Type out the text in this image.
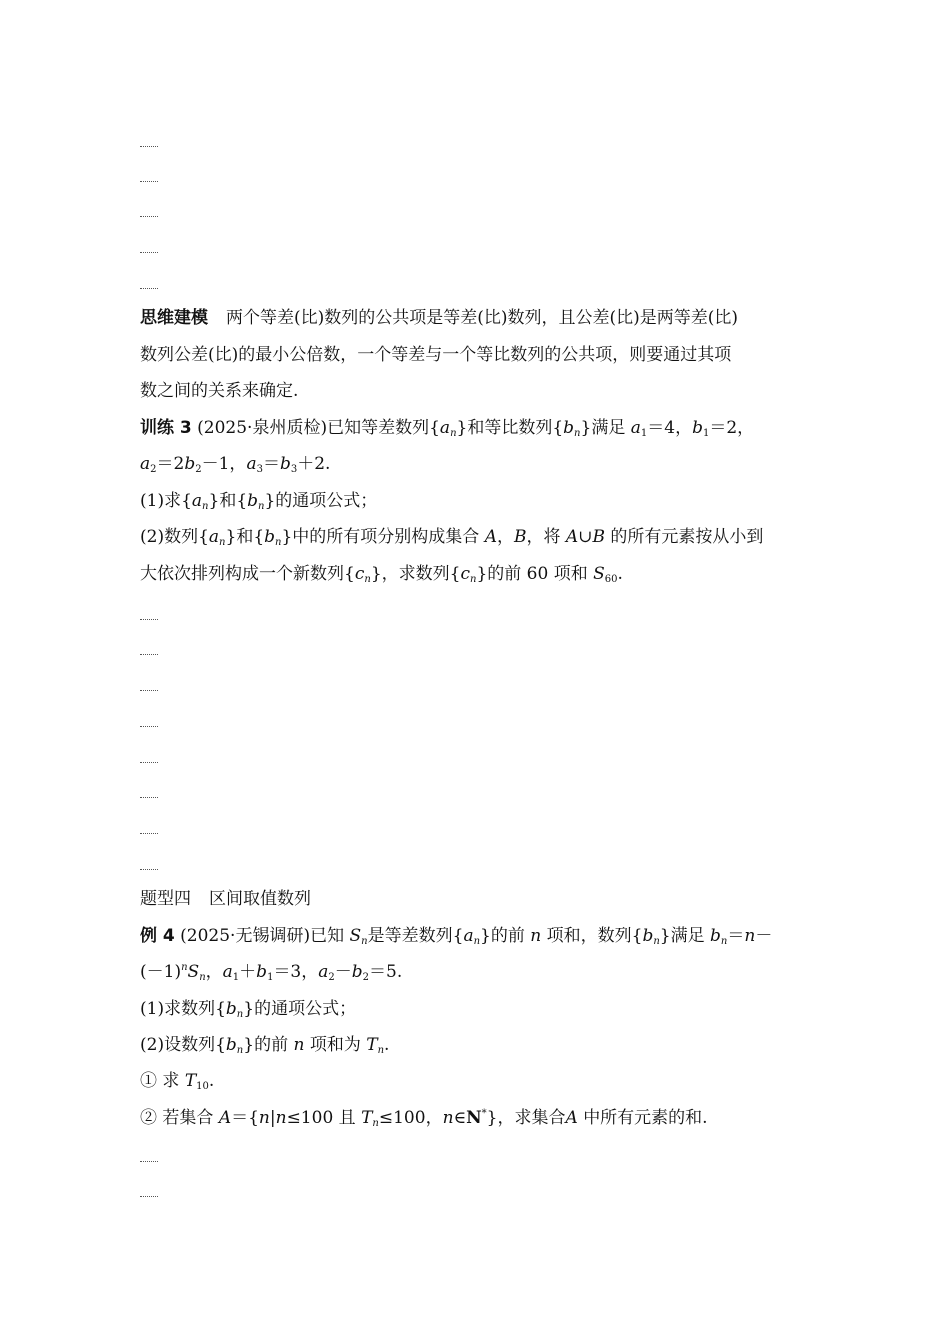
思维建模 两个等差(比)数列的公共项是等差(比)数列，且公差(比)是两等差(比)
数列公差(比)的最小公倍数，一个等差与一个等比数列的公共项，则要通过其项
数之间的关系来确定.
训练 3 (2025·泉州质检)已知等差数列$\{a_n\}$和等比数列$\{b_n\}$满足 $a_1=4$，$b_1=2$，
$a_2=2b_2-1$，$a_3=b_3+2$.
(1)求$\{a_n\}$和$\{b_n\}$的通项公式；
(2)数列$\{a_n\}$和$\{b_n\}$中的所有项分别构成集合 A，B，将 A∪B 的所有元素按从小到
大依次排列构成一个新数列$\{c_n\}$，求数列$\{c_n\}$的前 60 项和 $S_{60}$.
题型四 区间取值数列
例 4 (2025·无锡调研)已知 $S_n$是等差数列$\{a_n\}$的前 n 项和，数列$\{b_n\}$满足 $b_n=n-$
$(-1)^nS_n$，$a_1+b_1=3$，$a_2-b_2=5$.
(1)求数列$\{b_n\}$的通项公式；
(2)设数列$\{b_n\}$的前 n 项和为 $T_n$.
① 求 $T_{10}$.
② 若集合 A＝{n|n≤100 且 $T_n\le 100$，n∈N*}，求集合A 中所有元素的和.
